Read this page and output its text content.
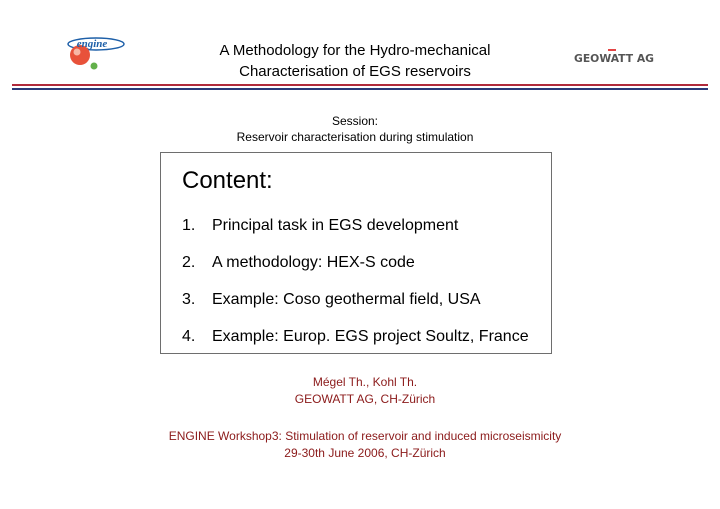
engine
GEOWATT AG
A Methodology for the Hydro-mechanical
Characterisation of EGS reservoirs
Session:
Reservoir characterisation during stimulation
Content:
1. Principal task in EGS development
2. A methodology: HEX-S code
3. Example: Coso geothermal field, USA
4. Example: Europ. EGS project Soultz, France
Mégel Th., Kohl Th.
GEOWATT AG, CH-Zürich
ENGINE Workshop3: Stimulation of reservoir and induced microseismicity
29-30th June 2006, CH-Zürich
